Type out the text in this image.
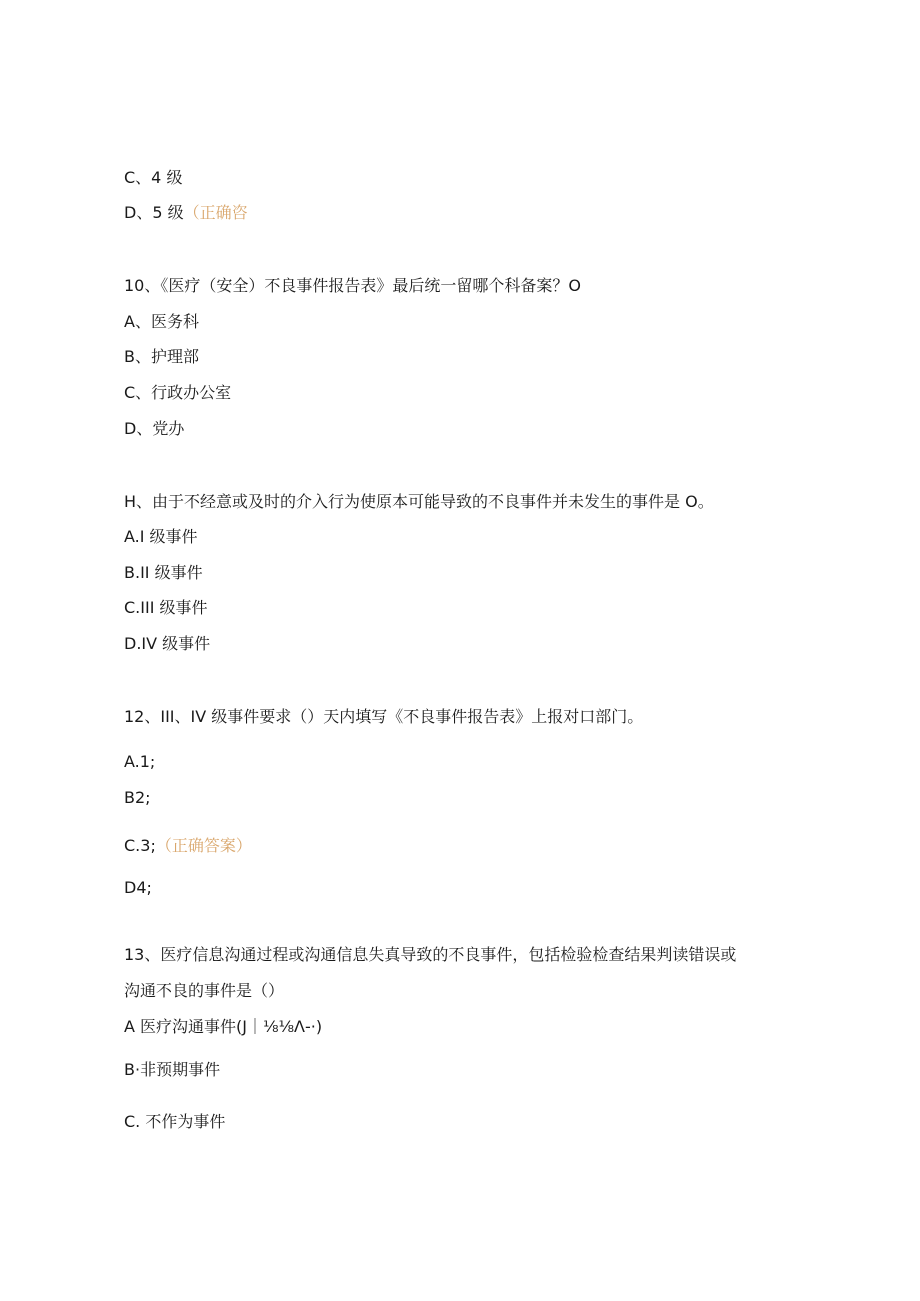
C、4 级
D、5 级（正确咨
10、《医疗（安全）不良事件报告表》最后统一留哪个科备案？O
A、医务科
B、护理部
C、行政办公室
D、党办
H、由于不经意或及时的介入行为使原本可能导致的不良事件并未发生的事件是 O。
A.I 级事件
B.II 级事件
C.III 级事件
D.IV 级事件
12、III、IV 级事件要求（）天内填写《不良事件报告表》上报对口部门。
A.1;
B2;
C.3;（正确答案）
D4;
13、医疗信息沟通过程或沟通信息失真导致的不良事件，包括检验检查结果判读错误或
沟通不良的事件是（）
A 医疗沟通事件(J｜⅛⅛Λ-·)
B·非预期事件
C. 不作为事件
